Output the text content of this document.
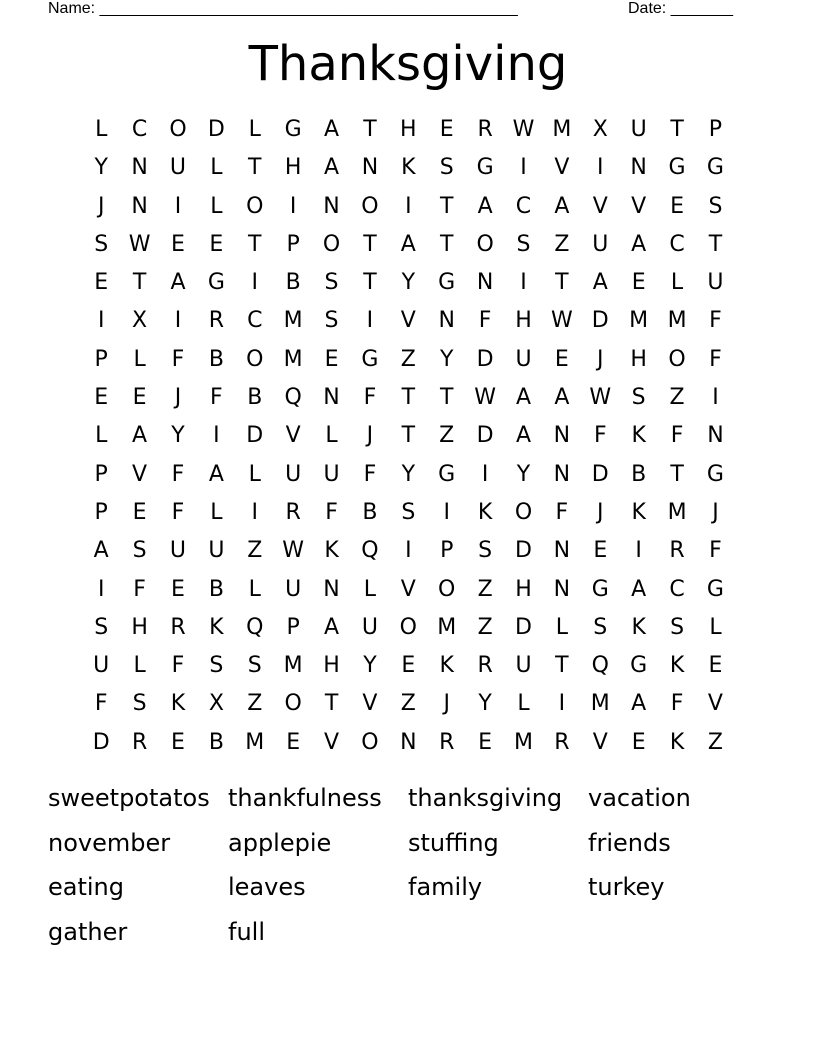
Name: _______________________________________________	Date: _______
Thanksgiving
L	C	O D	L	G	A	T	H	E	R W M X	U	T	P
Y	N	U	L	T	H	A	N	K	S	G	I	V	I	N G G
J	N	I	L	O	I	N O	I	T	A	C	A	V	V	E	S
S W E	E	T	P	O	T	A	T	O	S	Z	U	A	C	T
E	T	A	G	I	B	S	T	Y	G N	I	T	A	E	L	U
I	X	I	R	C M S	I	V	N	F	H W D M M	F
P	L	F	B	O M E	G	Z	Y	D U	E	J	H O	F
E	E	J	F	B	Q N	F	T	T W A	A W S	Z	I
L	A	Y	I	D	V	L	J	T	Z	D	A	N	F	K	F	N
P	V	F	A	L	U	U	F	Y	G	I	Y	N D	B	T	G
P	E	F	L	I	R	F	B	S	I	K	O	F	J	K M	J
A	S	U	U	Z W K	Q	I	P	S	D N	E	I	R	F
I	F	E	B	L	U	N	L	V	O	Z	H N G	A	C	G
S	H	R	K	Q	P	A	U O M Z	D	L	S	K	S	L
U	L	F	S	S M H	Y	E	K	R	U	T	Q G	K	E
F	S	K	X	Z	O	T	V	Z	J	Y	L	I	M A	F	V
D	R	E	B M E	V	O N	R	E M R	V	E	K	Z
sweetpotatos thankfulness	thanksgiving	vacation
november	applepie	stuffing	friends
eating	leaves	family	turkey
gather	full
